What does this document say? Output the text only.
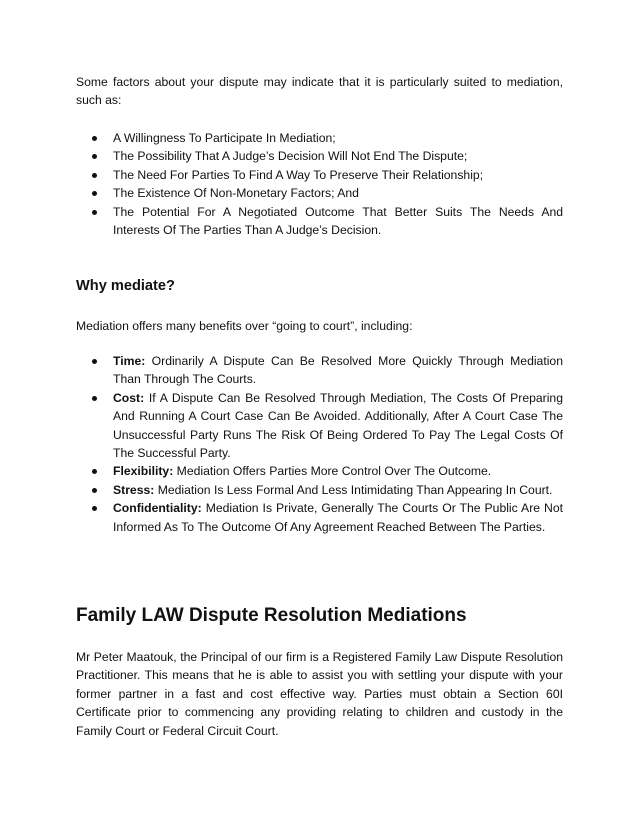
Some factors about your dispute may indicate that it is particularly suited to mediation, such as:

A Willingness To Participate In Mediation;
The Possibility That A Judge’s Decision Will Not End The Dispute;
The Need For Parties To Find A Way To Preserve Their Relationship;
The Existence Of Non-Monetary Factors; And
The Potential For A Negotiated Outcome That Better Suits The Needs And Interests Of The Parties Than A Judge’s Decision.
Why mediate?

Mediation offers many benefits over “going to court”, including:

Time: Ordinarily A Dispute Can Be Resolved More Quickly Through Mediation Than Through The Courts.
Cost: If A Dispute Can Be Resolved Through Mediation, The Costs Of Preparing And Running A Court Case Can Be Avoided. Additionally, After A Court Case The Unsuccessful Party Runs The Risk Of Being Ordered To Pay The Legal Costs Of The Successful Party.
Flexibility: Mediation Offers Parties More Control Over The Outcome.
Stress: Mediation Is Less Formal And Less Intimidating Than Appearing In Court.
Confidentiality: Mediation Is Private, Generally The Courts Or The Public Are Not Informed As To The Outcome Of Any Agreement Reached Between The Parties.
Family LAW Dispute Resolution Mediations

Mr Peter Maatouk, the Principal of our firm is a Registered Family Law Dispute Resolution Practitioner. This means that he is able to assist you with settling your dispute with your former partner in a fast and cost effective way. Parties must obtain a Section 60I Certificate prior to commencing any providing relating to children and custody in the Family Court or Federal Circuit Court.
